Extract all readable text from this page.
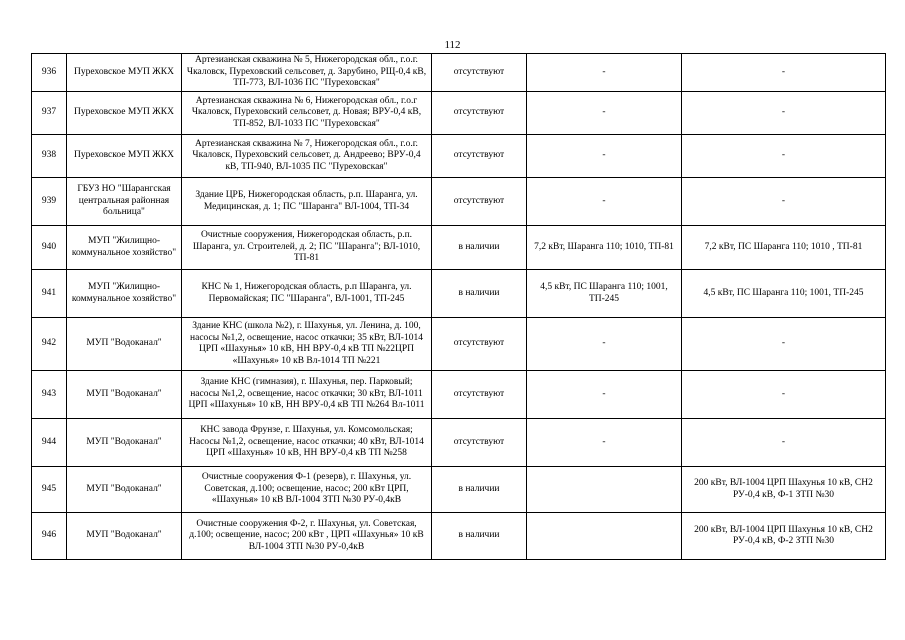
112
936	Пуреховское МУП ЖКХ	Артезианская скважина № 5, Нижегородская обл., г.о.г. Чкаловск, Пуреховский сельсовет, д. Зарубино, РЩ-0,4 кВ, ТП-773, ВЛ-1036 ПС "Пуреховская"	отсутствуют	-	-
937	Пуреховское МУП ЖКХ	Артезианская скважина № 6, Нижегородская обл., г.о.г Чкаловск, Пуреховский сельсовет, д. Новая; ВРУ-0,4 кВ, ТП-852, ВЛ-1033 ПС "Пуреховская"	отсутствуют	-	-
938	Пуреховское МУП ЖКХ	Артезианская скважина № 7, Нижегородская обл., г.о.г. Чкаловск, Пуреховский сельсовет, д. Андреево; ВРУ-0,4 кВ, ТП-940, ВЛ-1035 ПС "Пуреховская"	отсутствуют	-	-
939	ГБУЗ НО "Шарангская центральная районная больница"	Здание ЦРБ, Нижегородская область, р.п. Шаранга, ул. Медицинская, д. 1; ПС "Шаранга" ВЛ-1004, ТП-34	отсутствуют	-	-
940	МУП "Жилищно-коммунальное хозяйство"	Очистные сооружения, Нижегородская область, р.п. Шаранга, ул. Строителей, д. 2; ПС "Шаранга"; ВЛ-1010, ТП-81	в наличии	7,2 кВт, Шаранга 110; 1010, ТП-81	7,2 кВт, ПС Шаранга 110; 1010 , ТП-81
941	МУП "Жилищно-коммунальное хозяйство"	КНС № 1, Нижегородская область, р.п Шаранга, ул. Первомайская; ПС "Шаранга", ВЛ-1001, ТП-245	в наличии	4,5 кВт, ПС Шаранга 110; 1001, ТП-245	4,5 кВт, ПС Шаранга 110; 1001, ТП-245
942	МУП "Водоканал"	Здание КНС (школа №2), г. Шахунья, ул. Ленина, д. 100, насосы №1,2, освещение, насос откачки; 35 кВт, ВЛ-1014 ЦРП «Шахунья» 10 кВ, НН ВРУ-0,4 кВ ТП №22ЦРП «Шахунья» 10 кВ Вл-1014 ТП №221	отсутствуют	-	-
943	МУП "Водоканал"	Здание КНС (гимназия), г. Шахунья, пер. Парковый; насосы №1,2, освещение, насос откачки; 30 кВт, ВЛ-1011 ЦРП «Шахунья» 10 кВ, НН ВРУ-0,4 кВ ТП №264 Вл-1011	отсутствуют	-	-
944	МУП "Водоканал"	КНС завода Фрунзе, г. Шахунья, ул. Комсомольская; Насосы №1,2, освещение, насос откачки; 40 кВт, ВЛ-1014 ЦРП «Шахунья» 10 кВ, НН ВРУ-0,4 кВ ТП №258	отсутствуют	-	-
945	МУП "Водоканал"	Очистные сооружения Ф-1 (резерв), г. Шахунья, ул. Советская, д.100; освещение, насос; 200 кВт ЦРП, «Шахунья» 10 кВ ВЛ-1004 ЗТП №30 РУ-0,4кВ	в наличии		200 кВт, ВЛ-1004 ЦРП Шахунья 10 кВ, СН2 РУ-0,4 кВ, Ф-1 ЗТП №30
946	МУП "Водоканал"	Очистные сооружения Ф-2, г. Шахунья, ул. Советская, д.100; освещение, насос; 200 кВт , ЦРП «Шахунья» 10 кВ ВЛ-1004 ЗТП №30 РУ-0,4кВ	в наличии		200 кВт, ВЛ-1004 ЦРП Шахунья 10 кВ, СН2 РУ-0,4 кВ, Ф-2 ЗТП №30
